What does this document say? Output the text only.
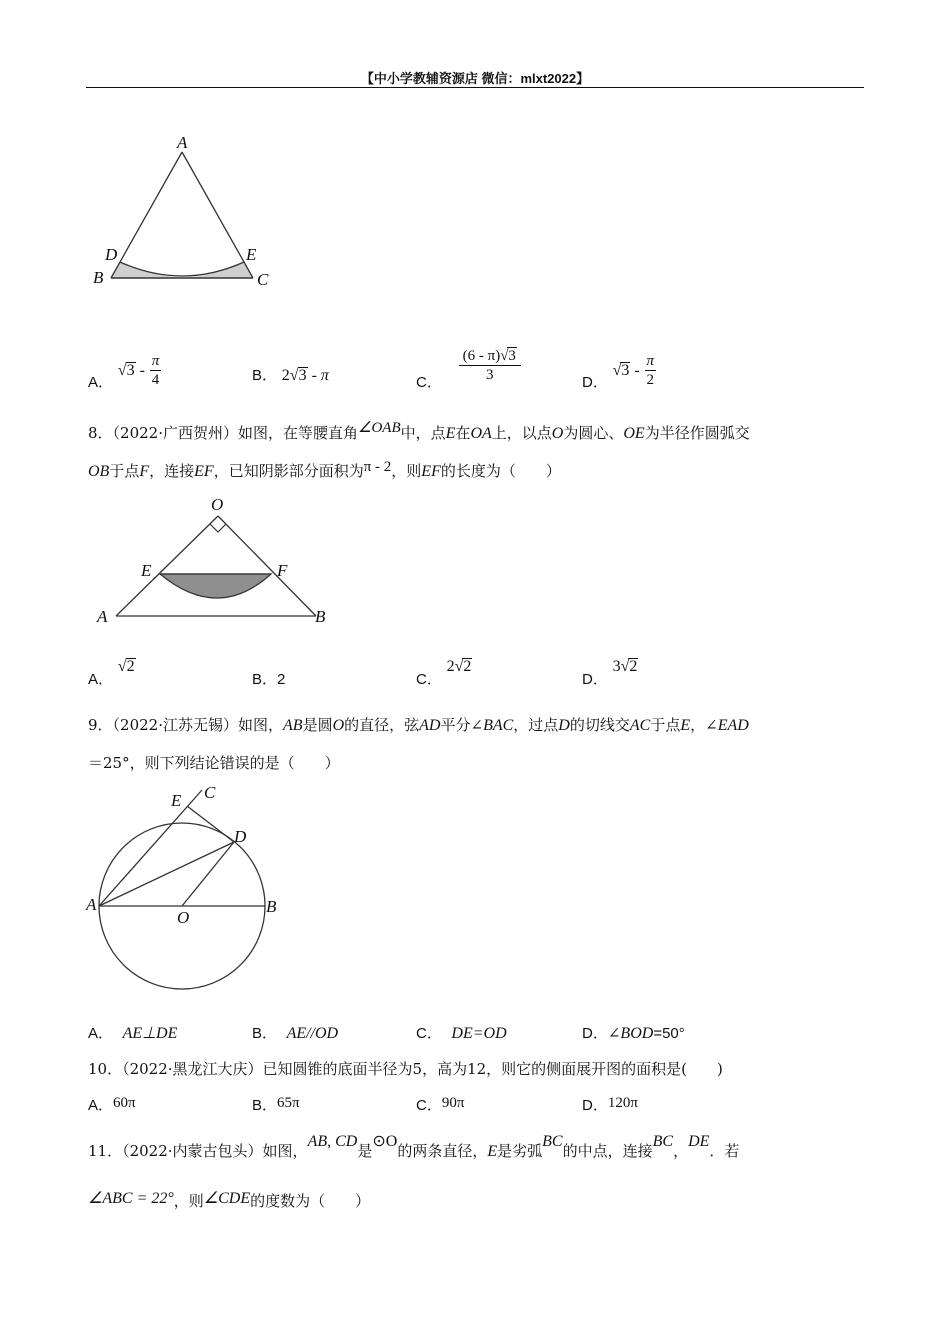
【中小学教辅资源店 微信：mlxt2022】
A
D	E
B	C
A． $√3 - \frac{\pi}{4}$	B． 2√3 - π	C． $\frac{(6 - \pi)√3}{3}$	D． $√3 - \frac{\pi}{2}$
8．（2022·广西贺州）如图，在等腰直角∠OAB中，点E在OA上，以点O为圆心、OE为半径作圆弧交
OB于点F，连接EF，已知阴影部分面积为π - 2，则EF的长度为（　　）
O
E	F
A	B
A． √2
B．2	C． 2√2
D． 3√2
9．（2022·江苏无锡）如图，AB是圆O的直径，弦AD平分∠BAC，过点D的切线交AC于点E，∠EAD
＝25°，则下列结论错误的是（　　）
C
E
D
A
O
B
A． AE⊥DE	B． AE//OD	C． DE=OD	D．∠BOD=50°
10．（2022·黑龙江大庆）已知圆锥的底面半径为5，高为12，则它的侧面展开图的面积是(　　)
A．60π	B．65π	C．90π	D．120π
11．（2022·内蒙古包头）如图，AB, CD是⊙O的两条直径，E是劣弧BC的中点，连接BC，DE．若
∠ABC = 22°，则∠CDE的度数为（　　）
